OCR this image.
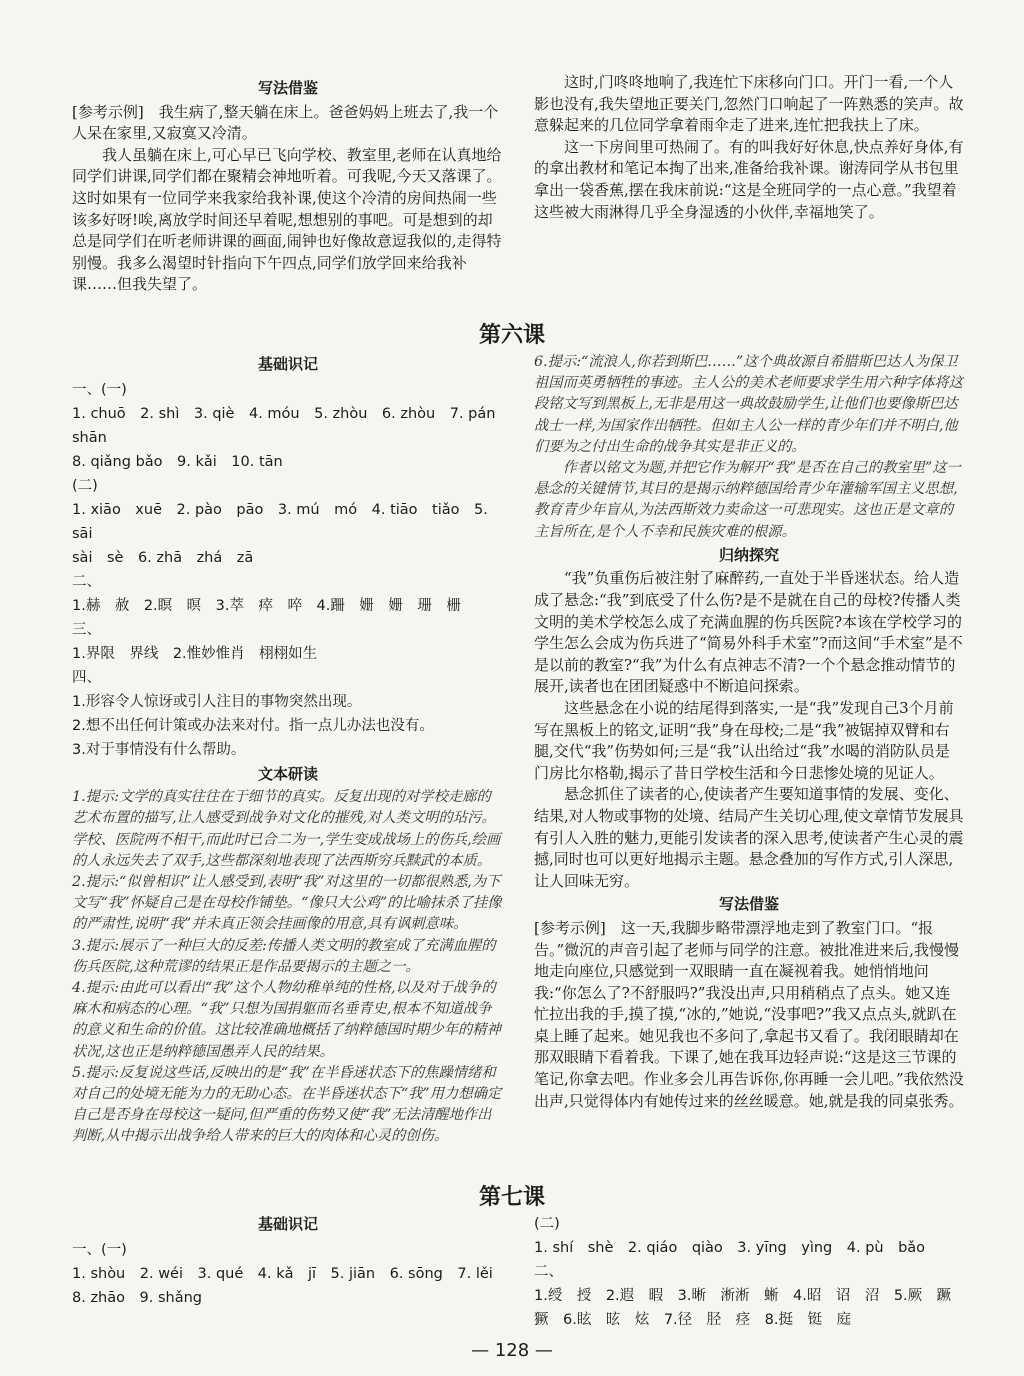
写法借鉴

[参考示例]　我生病了,整天躺在床上。爸爸妈妈上班去了,我一个人呆在家里,又寂寞又冷清。

我人虽躺在床上,可心早已飞向学校、教室里,老师在认真地给同学们讲课,同学们都在聚精会神地听着。可我呢,今天又落课了。这时如果有一位同学来我家给我补课,使这个冷清的房间热闹一些该多好呀!唉,离放学时间还早着呢,想想别的事吧。可是想到的却总是同学们在听老师讲课的画面,闹钟也好像故意逗我似的,走得特别慢。我多么渴望时针指向下午四点,同学们放学回来给我补课……但我失望了。

这时,门咚咚地响了,我连忙下床移向门口。开门一看,一个人影也没有,我失望地正要关门,忽然门口响起了一阵熟悉的笑声。故意躲起来的几位同学拿着雨伞走了进来,连忙把我扶上了床。

这一下房间里可热闹了。有的叫我好好休息,快点养好身体,有的拿出教材和笔记本掏了出来,准备给我补课。谢涛同学从书包里拿出一袋香蕉,摆在我床前说:“这是全班同学的一点心意。”我望着这些被大雨淋得几乎全身湿透的小伙伴,幸福地笑了。

第六课
基础识记

一、(一)

1. chuō　2. shì　3. qiè　4. móu　5. zhòu　6. zhòu　7. pán shān

8. qiǎng bǎo　9. kǎi　10. tān

(二)

1. xiāo　xuē　2. pào　pāo　3. mú　mó　4. tiāo　tiǎo　5. sāi

sài　sè　6. zhā　zhá　zā

二、

1.赫　赦　2.瞑　暝　3.萃　瘁　啐　4.跚　姗　姗　珊　栅

三、

1.界限　界线　2.惟妙惟肖　栩栩如生

四、

1.形容令人惊讶或引人注目的事物突然出现。

2.想不出任何计策或办法来对付。指一点儿办法也没有。

3.对于事情没有什么帮助。

文本研读

1.提示:文学的真实往往在于细节的真实。反复出现的对学校走廊的艺术布置的描写,让人感受到战争对文化的摧残,对人类文明的玷污。学校、医院两不相干,而此时已合二为一,学生变成战场上的伤兵,绘画的人永远失去了双手,这些都深刻地表现了法西斯穷兵黩武的本质。

2.提示:“似曾相识”让人感受到,表明“我”对这里的一切都很熟悉,为下文写“我”怀疑自己是在母校作铺垫。“像只大公鸡”的比喻抹杀了挂像的严肃性,说明“我”并未真正领会挂画像的用意,具有讽刺意味。

3.提示:展示了一种巨大的反差:传播人类文明的教室成了充满血腥的伤兵医院,这种荒谬的结果正是作品要揭示的主题之一。

4.提示:由此可以看出“我”这个人物幼稚单纯的性格,以及对于战争的麻木和病态的心理。“我”只想为国捐躯而名垂青史,根本不知道战争的意义和生命的价值。这比较准确地概括了纳粹德国时期少年的精神状况,这也正是纳粹德国愚弄人民的结果。

5.提示:反复说这些话,反映出的是“我”在半昏迷状态下的焦躁情绪和对自己的处境无能为力的无助心态。在半昏迷状态下“我”用力想确定自己是否身在母校这一疑问,但严重的伤势又使“我”无法清醒地作出判断,从中揭示出战争给人带来的巨大的肉体和心灵的创伤。

6.提示:“流浪人,你若到斯巴……”这个典故源自希腊斯巴达人为保卫祖国而英勇牺牲的事迹。主人公的美术老师要求学生用六种字体将这段铭文写到黑板上,无非是用这一典故鼓励学生,让他们也要像斯巴达战士一样,为国家作出牺牲。但如主人公一样的青少年们并不明白,他们要为之付出生命的战争其实是非正义的。

作者以铭文为题,并把它作为解开“我”是否在自己的教室里”这一悬念的关键情节,其目的是揭示纳粹德国给青少年灌输军国主义思想,教育青少年盲从,为法西斯效力卖命这一可悲现实。这也正是文章的主旨所在,是个人不幸和民族灾难的根源。

归纳探究

“我”负重伤后被注射了麻醉药,一直处于半昏迷状态。给人造成了悬念:“我”到底受了什么伤?是不是就在自己的母校?传播人类文明的美术学校怎么成了充满血腥的伤兵医院?本该在学校学习的学生怎么会成为伤兵进了“简易外科手术室”?而这间“手术室”是不是以前的教室?“我”为什么有点神志不清?一个个悬念推动情节的展开,读者也在团团疑惑中不断追问探索。

这些悬念在小说的结尾得到落实,一是“我”发现自己3个月前写在黑板上的铭文,证明“我”身在母校;二是“我”被锯掉双臂和右腿,交代“我”伤势如何;三是“我”认出给过“我”水喝的消防队员是门房比尔格勒,揭示了昔日学校生活和今日悲惨处境的见证人。

悬念抓住了读者的心,使读者产生要知道事情的发展、变化、结果,对人物或事物的处境、结局产生关切心理,使文章情节发展具有引人入胜的魅力,更能引发读者的深入思考,使读者产生心灵的震撼,同时也可以更好地揭示主题。悬念叠加的写作方式,引人深思,让人回味无穷。

写法借鉴

[参考示例]　这一天,我脚步略带漂浮地走到了教室门口。“报告。”微沉的声音引起了老师与同学的注意。被批准进来后,我慢慢地走向座位,只感觉到一双眼睛一直在凝视着我。她悄悄地问我:“你怎么了?不舒服吗?”我没出声,只用稍稍点了点头。她又连忙拉出我的手,摸了摸,“冰的,”她说,“没事吧?”我又点点头,就趴在桌上睡了起来。她见我也不多问了,拿起书又看了。我闭眼睛却在那双眼睛下看着我。下课了,她在我耳边轻声说:“这是这三节课的笔记,你拿去吧。作业多会儿再告诉你,你再睡一会儿吧。”我依然没出声,只觉得体内有她传过来的丝丝暖意。她,就是我的同桌张秀。

第七课
基础识记

一、(一)

1. shòu　2. wéi　3. qué　4. kǎ　jī　5. jiān　6. sōng　7. lěi

8. zhāo　9. shǎng

(二)

1. shí　shè　2. qiáo　qiào　3. yīng　yìng　4. pù　bǎo

二、

1.绶　授　2.遐　暇　3.晰　淅淅　蜥　4.昭　诏　沼　5.厥　蹶

獗　6.眩　昡　炫　7.径　胫　痉　8.挺　铤　庭

— 128 —
